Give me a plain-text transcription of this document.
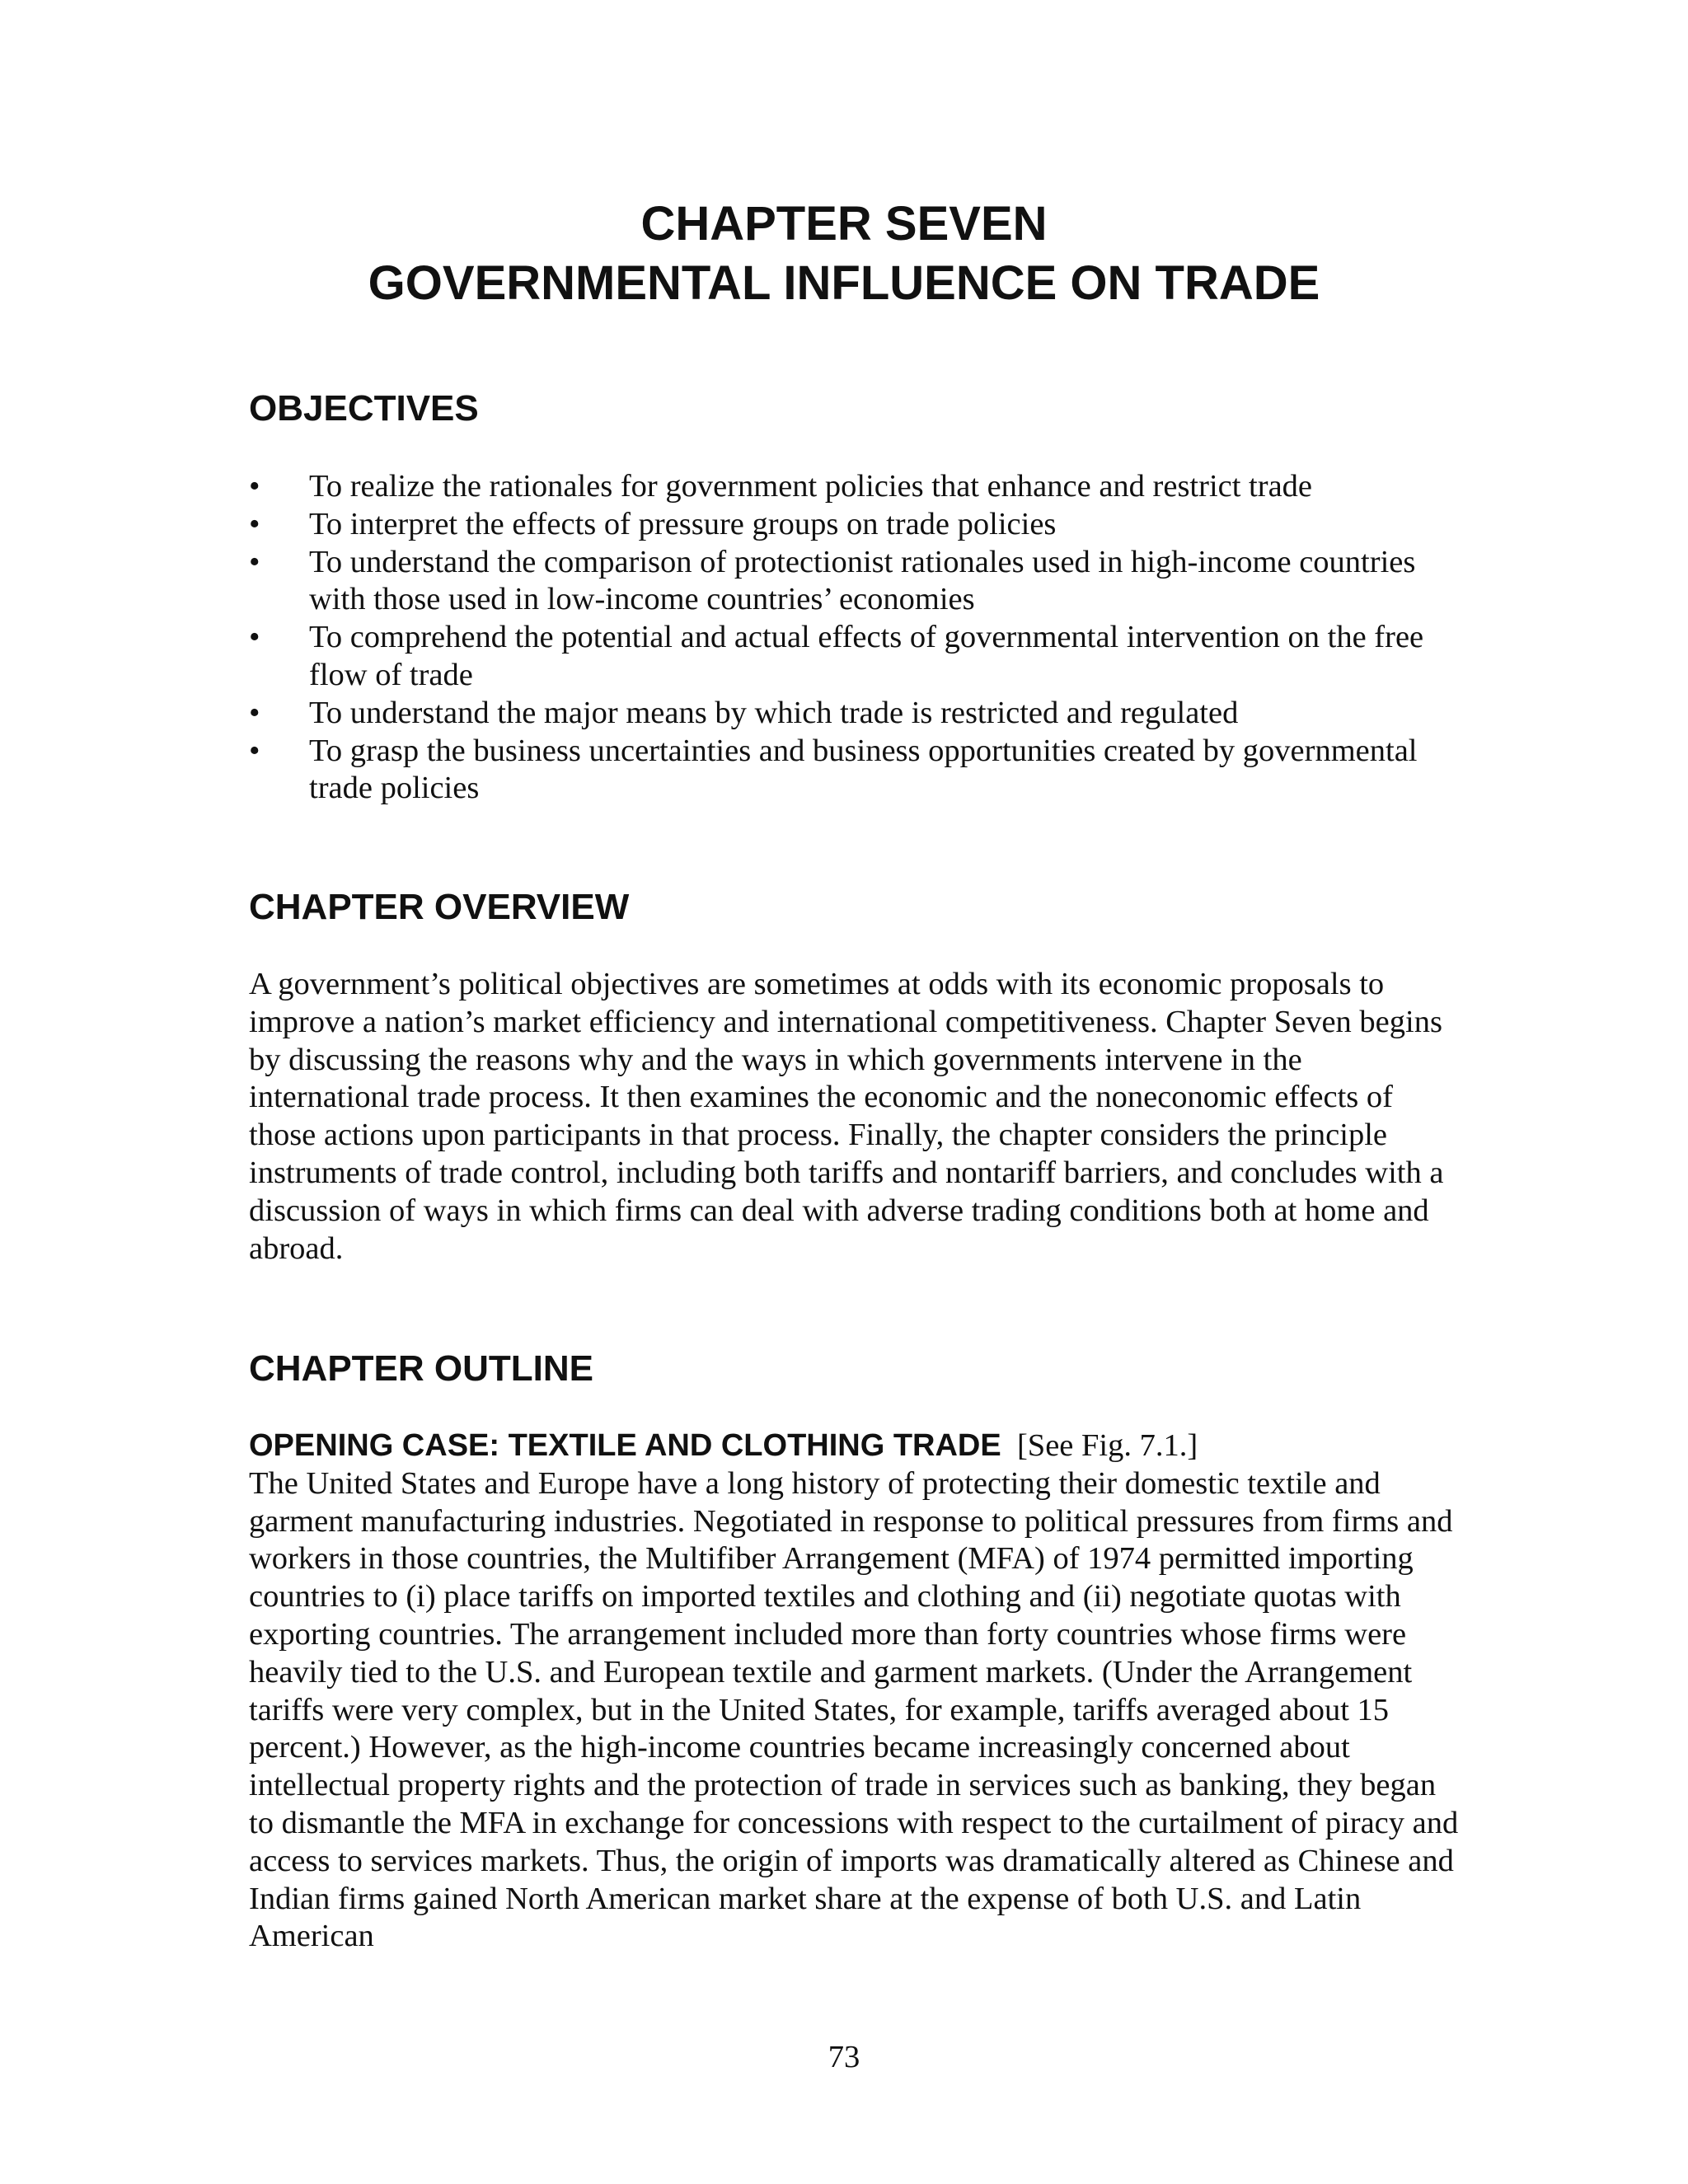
CHAPTER SEVEN
GOVERNMENTAL INFLUENCE ON TRADE
OBJECTIVES
• To realize the rationales for government policies that enhance and restrict trade
• To interpret the effects of pressure groups on trade policies
• To understand the comparison of protectionist rationales used in high-income countries with those used in low-income countries’ economies
• To comprehend the potential and actual effects of governmental intervention on the free flow of trade
• To understand the major means by which trade is restricted and regulated
• To grasp the business uncertainties and business opportunities created by governmental trade policies
CHAPTER OVERVIEW

A government’s political objectives are sometimes at odds with its economic proposals to improve a nation’s market efficiency and international competitiveness. Chapter Seven begins by discussing the reasons why and the ways in which governments intervene in the international trade process. It then examines the economic and the noneconomic effects of those actions upon participants in that process. Finally, the chapter considers the principle instruments of trade control, including both tariffs and nontariff barriers, and concludes with a discussion of ways in which firms can deal with adverse trading conditions both at home and abroad.

CHAPTER OUTLINE

OPENING CASE: TEXTILE AND CLOTHING TRADE [See Fig. 7.1.]
The United States and Europe have a long history of protecting their domestic textile and garment manufacturing industries. Negotiated in response to political pressures from firms and workers in those countries, the Multifiber Arrangement (MFA) of 1974 permitted importing countries to (i) place tariffs on imported textiles and clothing and (ii) negotiate quotas with exporting countries. The arrangement included more than forty countries whose firms were heavily tied to the U.S. and European textile and garment markets. (Under the Arrangement tariffs were very complex, but in the United States, for example, tariffs averaged about 15 percent.) However, as the high-income countries became increasingly concerned about intellectual property rights and the protection of trade in services such as banking, they began to dismantle the MFA in exchange for concessions with respect to the curtailment of piracy and access to services markets. Thus, the origin of imports was dramatically altered as Chinese and Indian firms gained North American market share at the expense of both U.S. and Latin American

73
